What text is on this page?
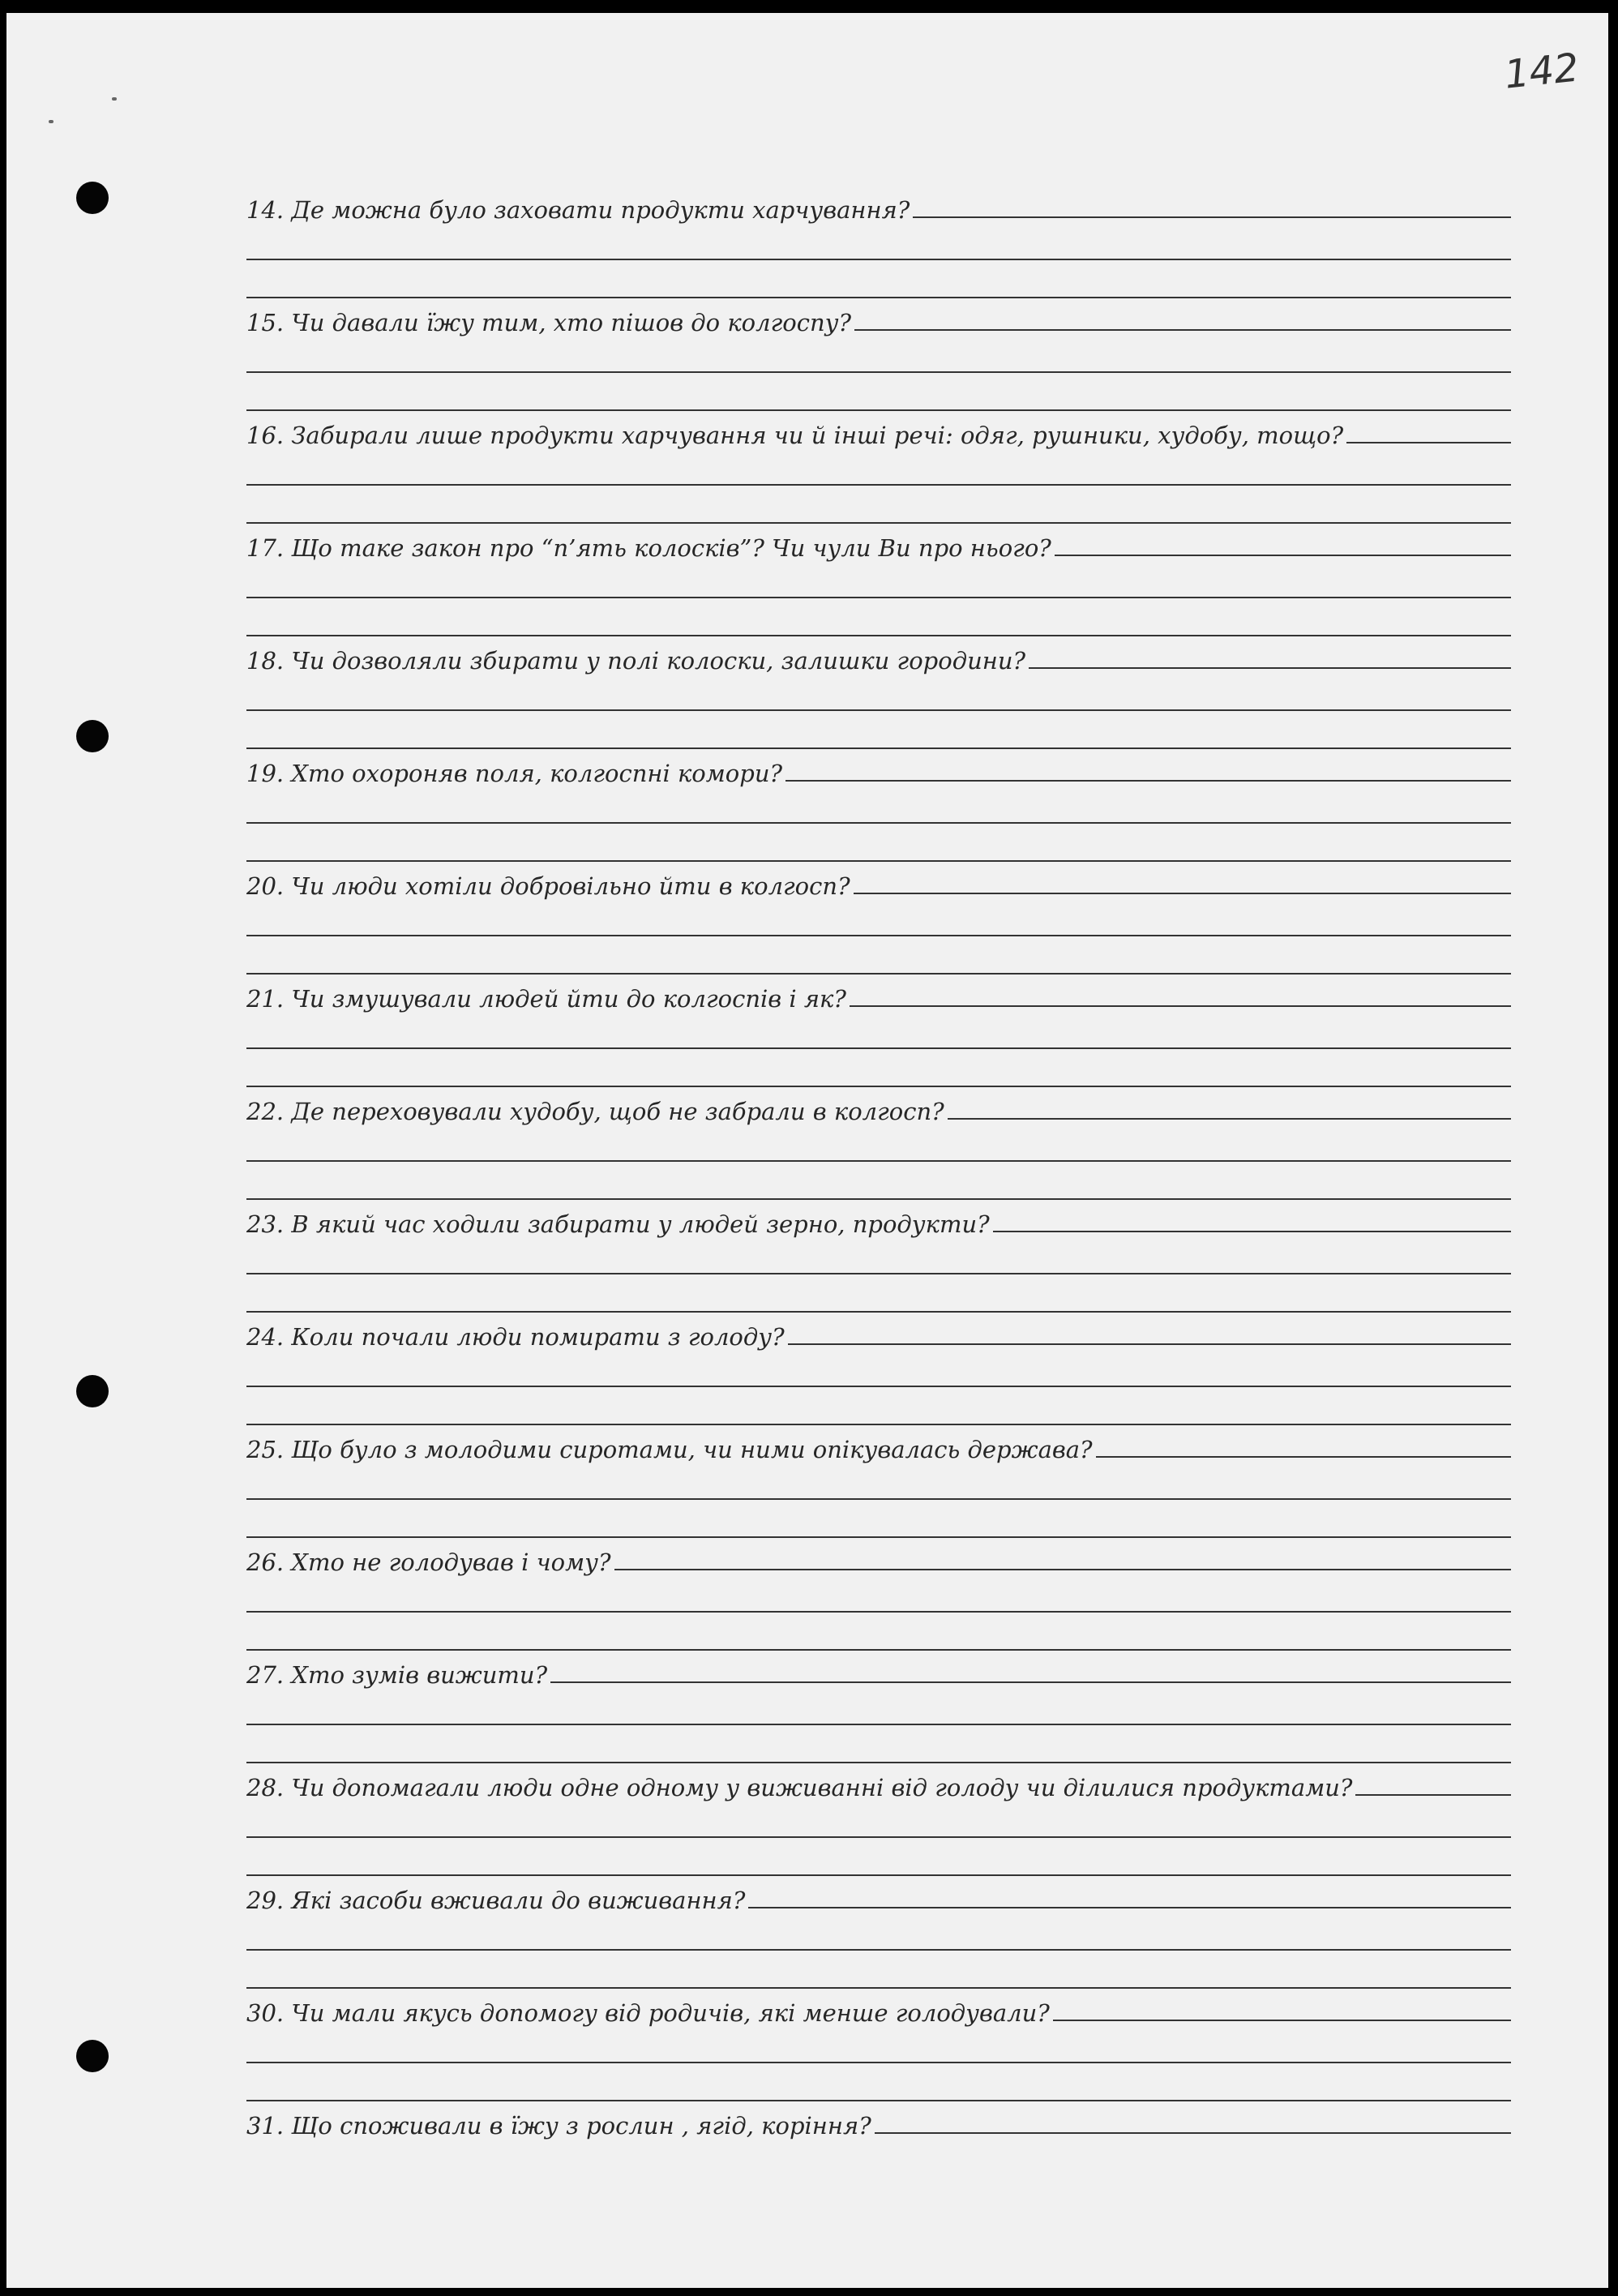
142
14. Де можна було заховати продукти харчування?
15. Чи давали їжу тим, хто пішов до колгоспу?
16. Забирали лише продукти харчування чи й інші речі: одяг, рушники, худобу, тощо?
17. Що таке закон про “п’ять колосків”? Чи чули Ви про нього?
18. Чи дозволяли збирати у полі колоски, залишки городини?
19. Хто охороняв поля, колгоспні комори?
20. Чи люди хотіли добровільно йти в колгосп?
21. Чи змушували людей йти до колгоспів і як?
22. Де переховували худобу, щоб не забрали в колгосп?
23. В який час ходили забирати у людей зерно, продукти?
24. Коли почали люди помирати з голоду?
25. Що було з молодими сиротами, чи ними опікувалась держава?
26. Хто не голодував і чому?
27. Хто зумів вижити?
28. Чи допомагали люди одне одному у виживанні від голоду чи ділилися продуктами?
29. Які засоби вживали до виживання?
30. Чи мали якусь допомогу від родичів, які менше голодували?
31. Що споживали в їжу з рослин , ягід, коріння?
